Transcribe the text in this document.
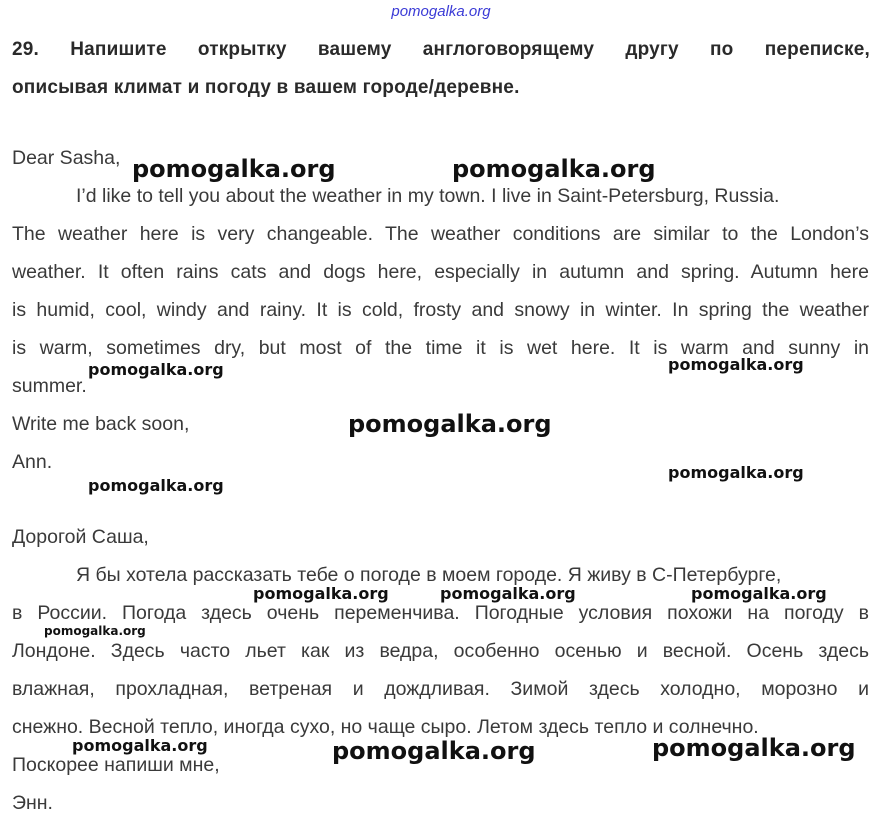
pomogalka.org
29. Напишите открытку вашему англоговорящему другу по переписке,
описывая климат и погоду в вашем городе/деревне.
Dear Sasha,
I’d like to tell you about the weather in my town. I live in Saint-Petersburg, Russia.
The weather here is very changeable. The weather conditions are similar to the London’s
weather. It often rains cats and dogs here, especially in autumn and spring. Autumn here
is humid, cool, windy and rainy. It is cold, frosty and snowy in winter. In spring the weather
is warm, sometimes dry, but most of the time it is wet here. It is warm and sunny in
summer.
Write me back soon,
Ann.
Дорогой Саша,
Я бы хотела рассказать тебе о погоде в моем городе. Я живу в С-Петербурге,
в России. Погода здесь очень переменчива. Погодные условия похожи на погоду в
Лондоне. Здесь часто льет как из ведра, особенно осенью и весной. Осень здесь
влажная, прохладная, ветреная и дождливая. Зимой здесь холодно, морозно и
снежно. Весной тепло, иногда сухо, но чаще сыро. Летом здесь тепло и солнечно.
Поскорее напиши мне,
Энн.
pomogalka.org	pomogalka.org
pomogalka.org	pomogalka.org
pomogalka.org
pomogalka.org
pomogalka.org
pomogalka.org	pomogalka.org	pomogalka.org
pomogalka.org
pomogalka.org	pomogalka.org	pomogalka.org
